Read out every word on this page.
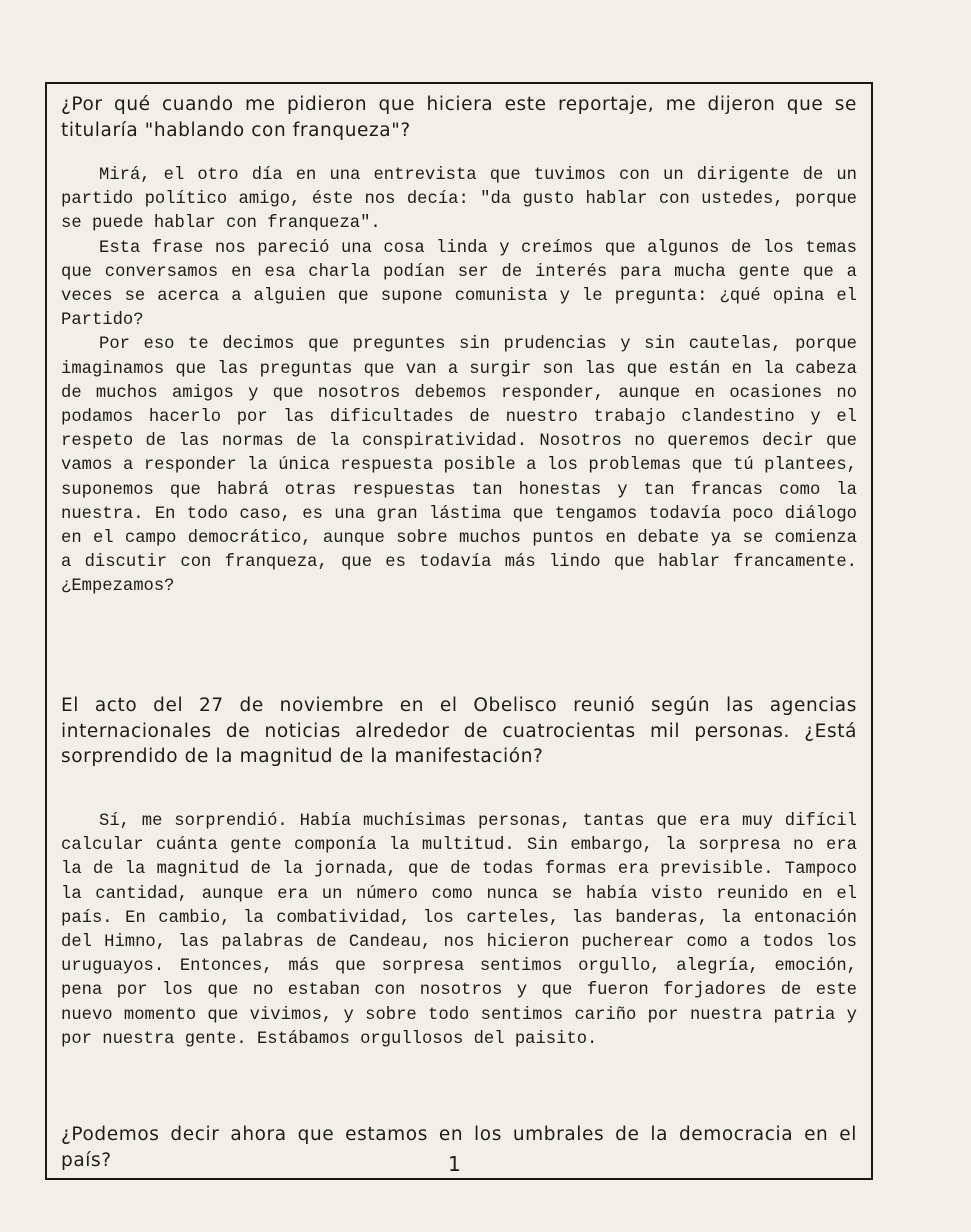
¿Por qué cuando me pidieron que hiciera este reportaje, me dijeron que se titularía "hablando con franqueza"?

Mirá, el otro día en una entrevista que tuvimos con un dirigente de un partido político amigo, éste nos decía: "da gusto hablar con ustedes, porque se puede hablar con franqueza".

Esta frase nos pareció una cosa linda y creímos que algunos de los temas que conversamos en esa charla podían ser de interés para mucha gente que a veces se acerca a alguien que supone comunista y le pregunta: ¿qué opina el Partido?

Por eso te decimos que preguntes sin prudencias y sin cautelas, porque imaginamos que las preguntas que van a surgir son las que están en la cabeza de muchos amigos y que nosotros debemos responder, aunque en ocasiones no podamos hacerlo por las dificultades de nuestro trabajo clandestino y el respeto de las normas de la conspiratividad. Nosotros no queremos decir que vamos a responder la única respuesta posible a los problemas que tú plantees, suponemos que habrá otras respuestas tan honestas y tan francas como la nuestra. En todo caso, es una gran lástima que tengamos todavía poco diálogo en el campo democrático, aunque sobre muchos puntos en debate ya se comienza a discutir con franqueza, que es todavía más lindo que hablar francamente. ¿Empezamos?

El acto del 27 de noviembre en el Obelisco reunió según las agencias internacionales de noticias alrededor de cuatrocientas mil personas. ¿Está sorprendido de la magnitud de la manifestación?

Sí, me sorprendió. Había muchísimas personas, tantas que era muy difícil calcular cuánta gente componía la multitud. Sin embargo, la sorpresa no era la de la magnitud de la jornada, que de todas formas era previsible. Tampoco la cantidad, aunque era un número como nunca se había visto reunido en el país. En cambio, la combatividad, los carteles, las banderas, la entonación del Himno, las palabras de Candeau, nos hicieron pucherear como a todos los uruguayos. Entonces, más que sorpresa sentimos orgullo, alegría, emoción, pena por los que no estaban con nosotros y que fueron forjadores de este nuevo momento que vivimos, y sobre todo sentimos cariño por nuestra patria y por nuestra gente. Estábamos orgullosos del paisito.

¿Podemos decir ahora que estamos en los umbrales de la democracia en el país?	1
